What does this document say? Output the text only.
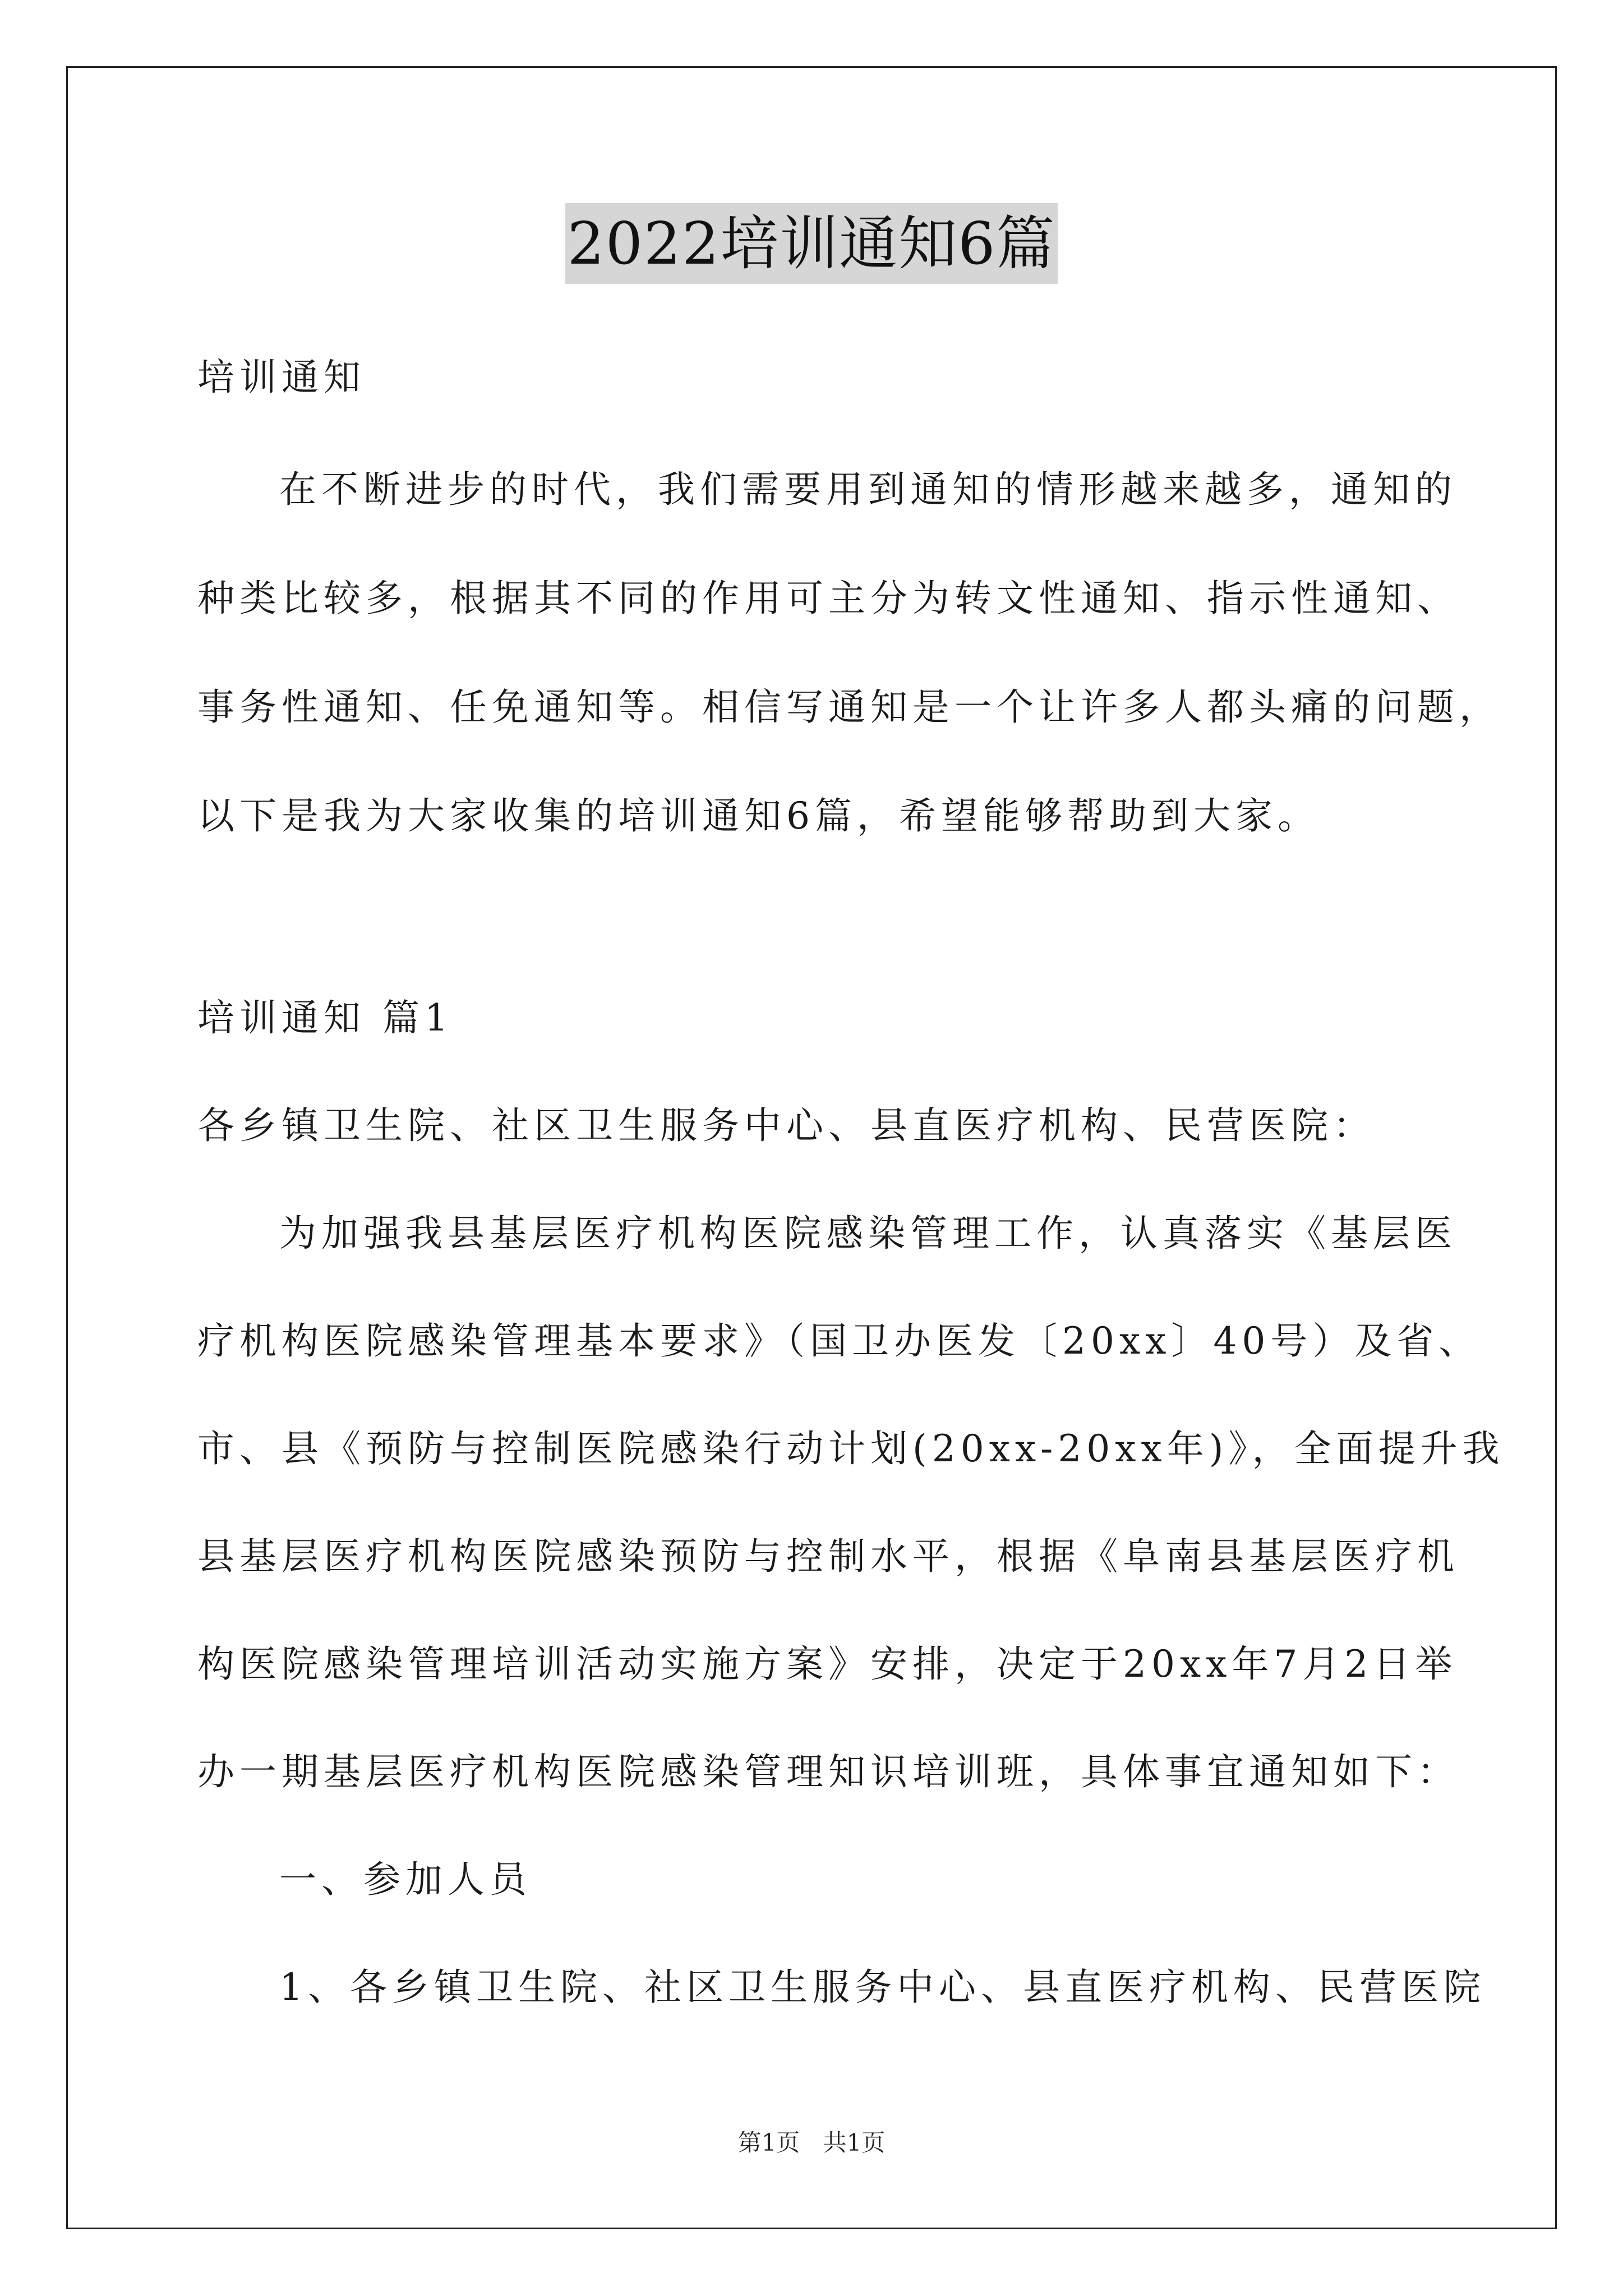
2022培训通知6篇
培训通知
在不断进步的时代，我们需要用到通知的情形越来越多，通知的
种类比较多，根据其不同的作用可主分为转文性通知、指示性通知、
事务性通知、任免通知等。相信写通知是一个让许多人都头痛的问题，
以下是我为大家收集的培训通知6篇，希望能够帮助到大家。
培训通知 篇1
各乡镇卫生院、社区卫生服务中心、县直医疗机构、民营医院：
为加强我县基层医疗机构医院感染管理工作，认真落实《基层医
疗机构医院感染管理基本要求》（国卫办医发〔20xx〕40号）及省、
市、县《预防与控制医院感染行动计划(20xx-20xx年)》，全面提升我
县基层医疗机构医院感染预防与控制水平，根据《阜南县基层医疗机
构医院感染管理培训活动实施方案》安排，决定于20xx年7月2日举
办一期基层医疗机构医院感染管理知识培训班，具体事宜通知如下：
一、参加人员
1、各乡镇卫生院、社区卫生服务中心、县直医疗机构、民营医院
第1页 共1页
